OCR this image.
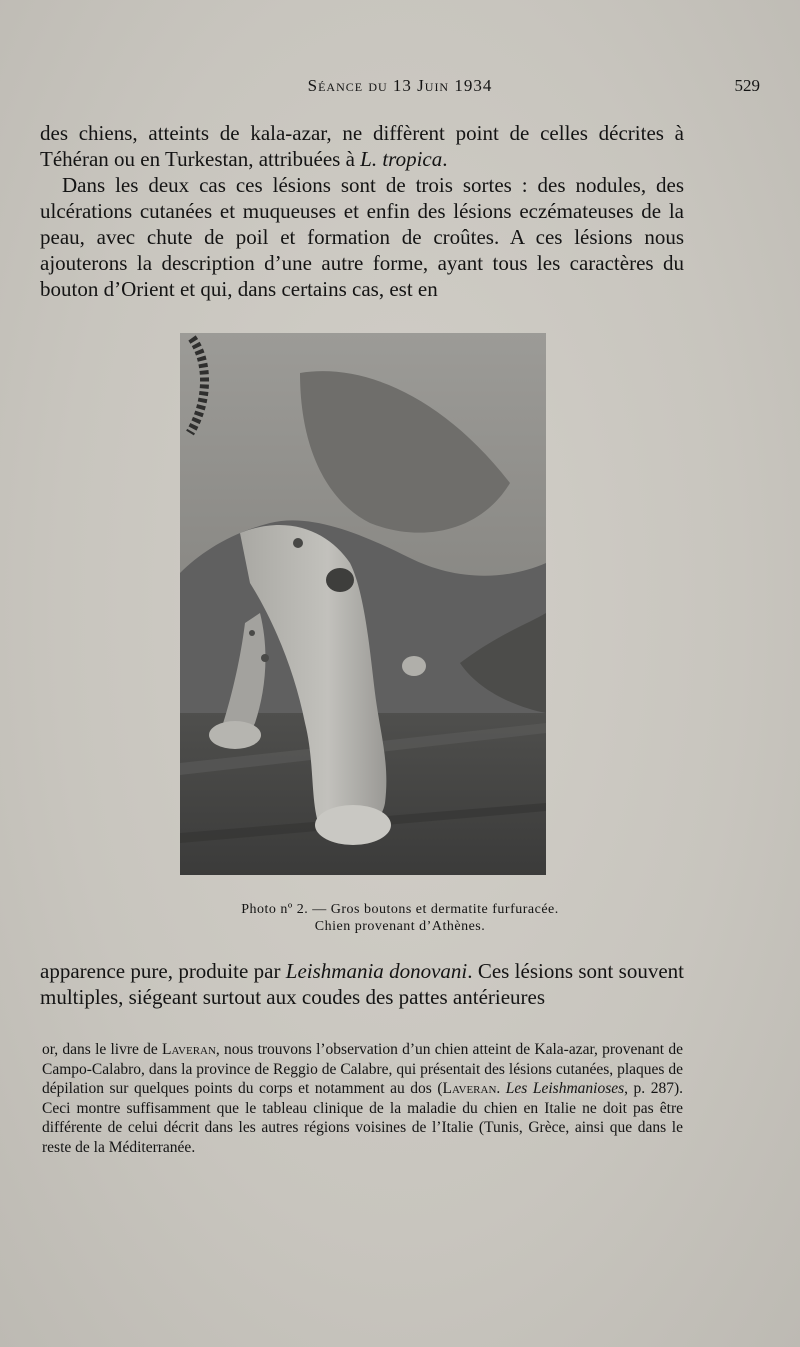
Séance du 13 Juin 1934	529

des chiens, atteints de kala-azar, ne diffèrent point de celles décrites à Téhéran ou en Turkestan, attribuées à L. tropica.
Dans les deux cas ces lésions sont de trois sortes : des nodules, des ulcérations cutanées et muqueuses et enfin des lésions eczémateuses de la peau, avec chute de poil et formation de croûtes. A ces lésions nous ajouterons la description d’une autre forme, ayant tous les caractères du bouton d’Orient et qui, dans certains cas, est en

Photo nº 2. — Gros boutons et dermatite furfuracée.
Chien provenant d’Athènes.

apparence pure, produite par Leishmania donovani. Ces lésions sont souvent multiples, siégeant surtout aux coudes des pattes antérieures

or, dans le livre de Laveran, nous trouvons l’observation d’un chien atteint de Kala-azar, provenant de Campo-Calabro, dans la province de Reggio de Calabre, qui présentait des lésions cutanées, plaques de dépilation sur quelques points du corps et notamment au dos (Laveran. Les Leishmanioses, p. 287). Ceci montre suffisamment que le tableau clinique de la maladie du chien en Italie ne doit pas être différente de celui décrit dans les autres régions voisines de l’Italie (Tunis, Grèce, ainsi que dans le reste de la Méditerranée.
